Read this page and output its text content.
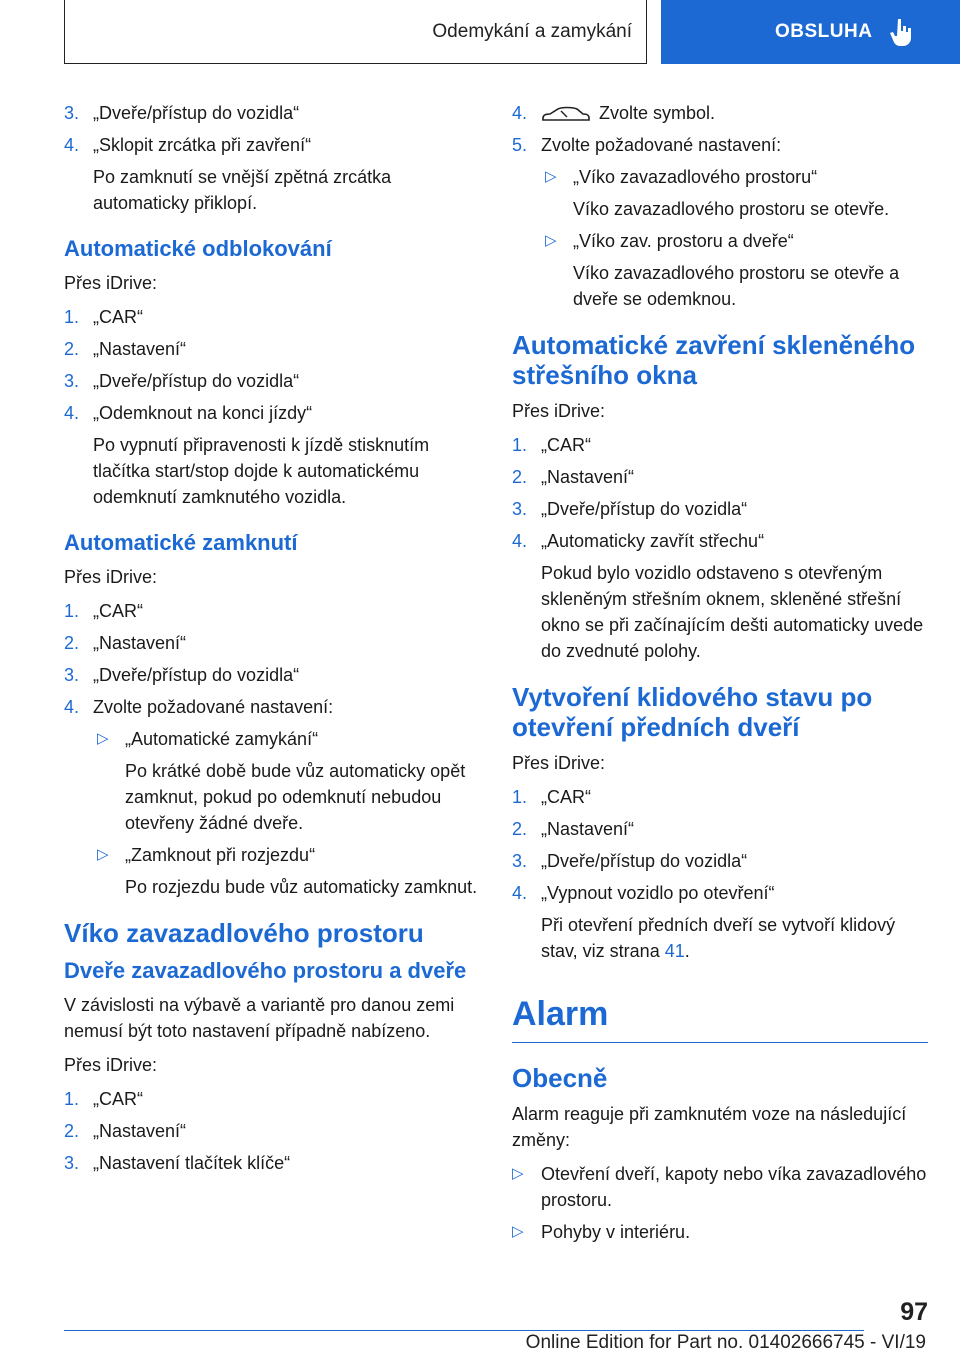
Odemykání a zamykání	OBSLUHA
3. „Dveře/přístup do vozidla“
4. „Sklopit zrcátka při zavření“
Po zamknutí se vnější zpětná zrcátka automaticky přiklopí.
Automatické odblokování
Přes iDrive:
1. „CAR“
2. „Nastavení“
3. „Dveře/přístup do vozidla“
4. „Odemknout na konci jízdy“
Po vypnutí připravenosti k jízdě stisknutím tlačítka start/stop dojde k automatickému odemknutí zamknutého vozidla.
Automatické zamknutí
Přes iDrive:
1. „CAR“
2. „Nastavení“
3. „Dveře/přístup do vozidla“
4. Zvolte požadované nastavení:
▷ „Automatické zamykání“
Po krátké době bude vůz automaticky opět zamknut, pokud po odemknutí nebudou otevřeny žádné dveře.
▷ „Zamknout při rozjezdu“
Po rozjezdu bude vůz automaticky zamknut.
Víko zavazadlového prostoru
Dveře zavazadlového prostoru a dveře
V závislosti na výbavě a variantě pro danou zemi nemusí být toto nastavení případně nabízeno.
Přes iDrive:
1. „CAR“
2. „Nastavení“
3. „Nastavení tlačítek klíče“
4.	Zvolte symbol.
5. Zvolte požadované nastavení:
▷ „Víko zavazadlového prostoru“
Víko zavazadlového prostoru se otevře.
▷ „Víko zav. prostoru a dveře“
Víko zavazadlového prostoru se otevře a dveře se odemknou.
Automatické zavření skleněného střešního okna
Přes iDrive:
1. „CAR“
2. „Nastavení“
3. „Dveře/přístup do vozidla“
4. „Automaticky zavřít střechu“
Pokud bylo vozidlo odstaveno s otevřeným skleněným střešním oknem, skleněné střešní okno se při začínajícím dešti automaticky uvede do zvednuté polohy.
Vytvoření klidového stavu po otevření předních dveří
Přes iDrive:
1. „CAR“
2. „Nastavení“
3. „Dveře/přístup do vozidla“
4. „Vypnout vozidlo po otevření“
Při otevření předních dveří se vytvoří klidový stav, viz strana 41.
Alarm
Obecně
Alarm reaguje při zamknutém voze na následující změny:
▷ Otevření dveří, kapoty nebo víka zavazadlového prostoru.
▷ Pohyby v interiéru.
97
Online Edition for Part no. 01402666745 - VI/19
